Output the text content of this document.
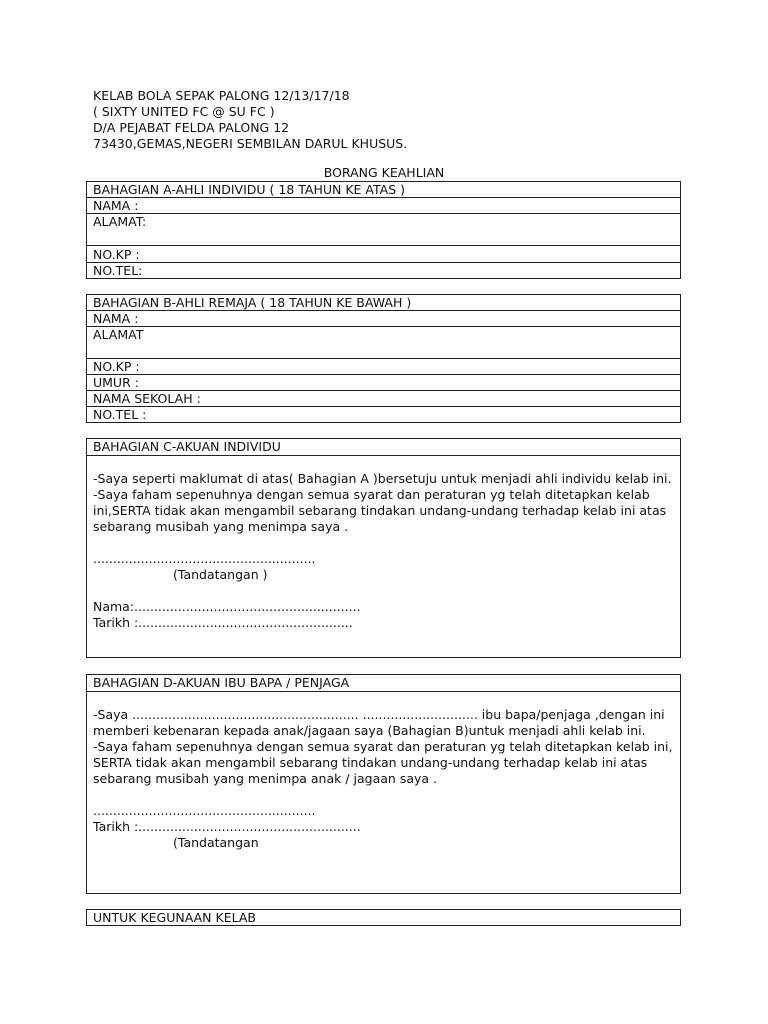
KELAB BOLA SEPAK PALONG 12/13/17/18
( SIXTY UNITED FC @ SU FC )
D/A PEJABAT FELDA PALONG 12
73430,GEMAS,NEGERI SEMBILAN DARUL KHUSUS.
BORANG KEAHLIAN
BAHAGIAN A-AHLI INDIVIDU ( 18 TAHUN KE ATAS )
NAMA :
ALAMAT:
NO.KP :
NO.TEL:
BAHAGIAN B-AHLI REMAJA ( 18 TAHUN KE BAWAH )
NAMA :
ALAMAT
NO.KP :
UMUR :
NAMA SEKOLAH :
NO.TEL :
BAHAGIAN C-AKUAN INDIVIDU
-Saya seperti maklumat di atas( Bahagian A )bersetuju untuk menjadi ahli individu kelab ini.
-Saya faham sepenuhnya dengan semua syarat dan peraturan yg telah ditetapkan kelab ini,SERTA tidak akan mengambil sebarang tindakan undang-undang terhadap kelab ini atas sebarang musibah yang menimpa saya .
........................................................
(Tandatangan )
Nama:.........................................................
Tarikh :......................................................
BAHAGIAN D-AKUAN IBU BAPA / PENJAGA
-Saya ......................................................... ............................. ibu bapa/penjaga ,dengan ini memberi kebenaran kepada anak/jagaan saya (Bahagian B)untuk menjadi ahli kelab ini.
-Saya faham sepenuhnya dengan semua syarat dan peraturan yg telah ditetapkan kelab ini, SERTA tidak akan mengambil sebarang tindakan undang-undang terhadap kelab ini atas sebarang musibah yang menimpa anak / jagaan saya .
........................................................
Tarikh :........................................................
(Tandatangan
UNTUK KEGUNAAN KELAB
